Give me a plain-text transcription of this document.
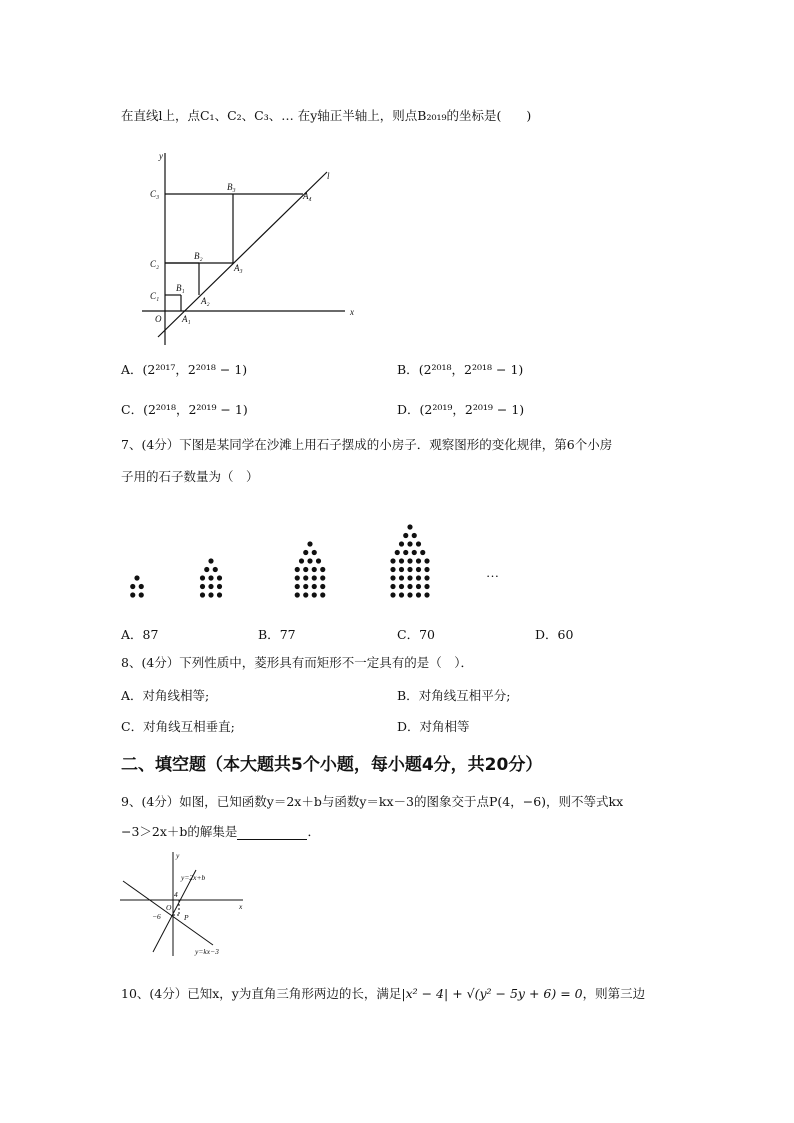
在直线l上，点C₁、C₂、C₃、… 在y轴正半轴上，则点B₂₀₁₉的坐标是(　　)
y
x
l
O
C₁
C₂
C₃
B₁
B₂
B₃
A₁
A₂
A₃
A₄
A．(2²⁰¹⁷，2²⁰¹⁸ − 1)	B．(2²⁰¹⁸，2²⁰¹⁸ − 1)
C．(2²⁰¹⁸，2²⁰¹⁹ − 1)	D．(2²⁰¹⁹，2²⁰¹⁹ − 1)
7、(4分）下图是某同学在沙滩上用石子摆成的小房子．观察图形的变化规律，第6个小房
子用的石子数量为（　）
…
A．87	B．77	C．70	D．60
8、(4分）下列性质中，菱形具有而矩形不一定具有的是（　）．
A．对角线相等;	B．对角线互相平分;
C．对角线互相垂直;	D．对角相等
二、填空题（本大题共5个小题，每小题4分，共20分）
9、(4分）如图，已知函数y＝2x＋b与函数y＝kx－3的图象交于点P(4，−6)，则不等式kx
−3＞2x＋b的解集是	．
y
x
O
y=2x+b
y=kx−3
4
−6	P
10、(4分）已知x，y为直角三角形两边的长，满足|x² − 4| + √(y² − 5y + 6) = 0，则第三边
